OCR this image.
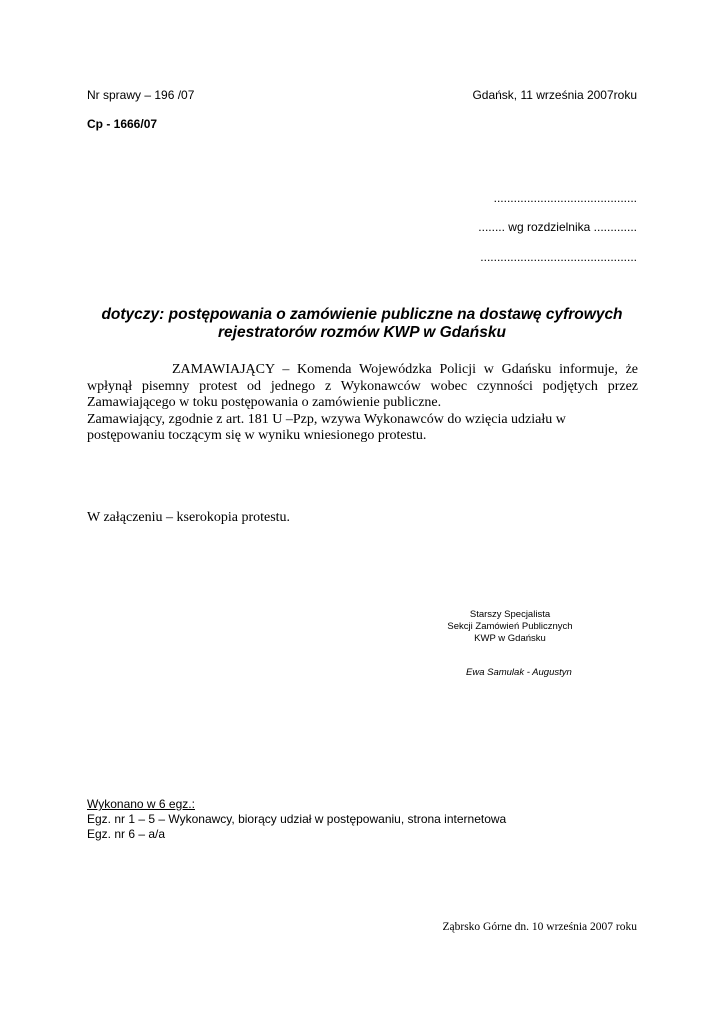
Nr sprawy – 196 /07	Gdańsk, 11 września 2007roku
Cp - 1666/07
...........................................
........ wg rozdzielnika .............
...............................................
dotyczy: postępowania o zamówienie publiczne na dostawę cyfrowych
rejestratorów rozmów KWP w Gdańsku

ZAMAWIAJĄCY – Komenda Wojewódzka Policji w Gdańsku informuje, że wpłynął pisemny protest od jednego z Wykonawców wobec czynności podjętych przez Zamawiającego w toku postępowania o zamówienie publiczne.

Zamawiający, zgodnie z art. 181 U –Pzp, wzywa Wykonawców do wzięcia udziału w

postępowaniu toczącym się w wyniku wniesionego protestu.

W załączeniu – kserokopia protestu.
Starszy Specjalista
Sekcji Zamówień Publicznych
KWP w Gdańsku
Ewa Samulak - Augustyn
Wykonano w 6 egz.:
Egz. nr 1 – 5 – Wykonawcy, biorący udział w postępowaniu, strona internetowa
Egz. nr 6 – a/a
Ząbrsko Górne dn. 10 września 2007 roku
